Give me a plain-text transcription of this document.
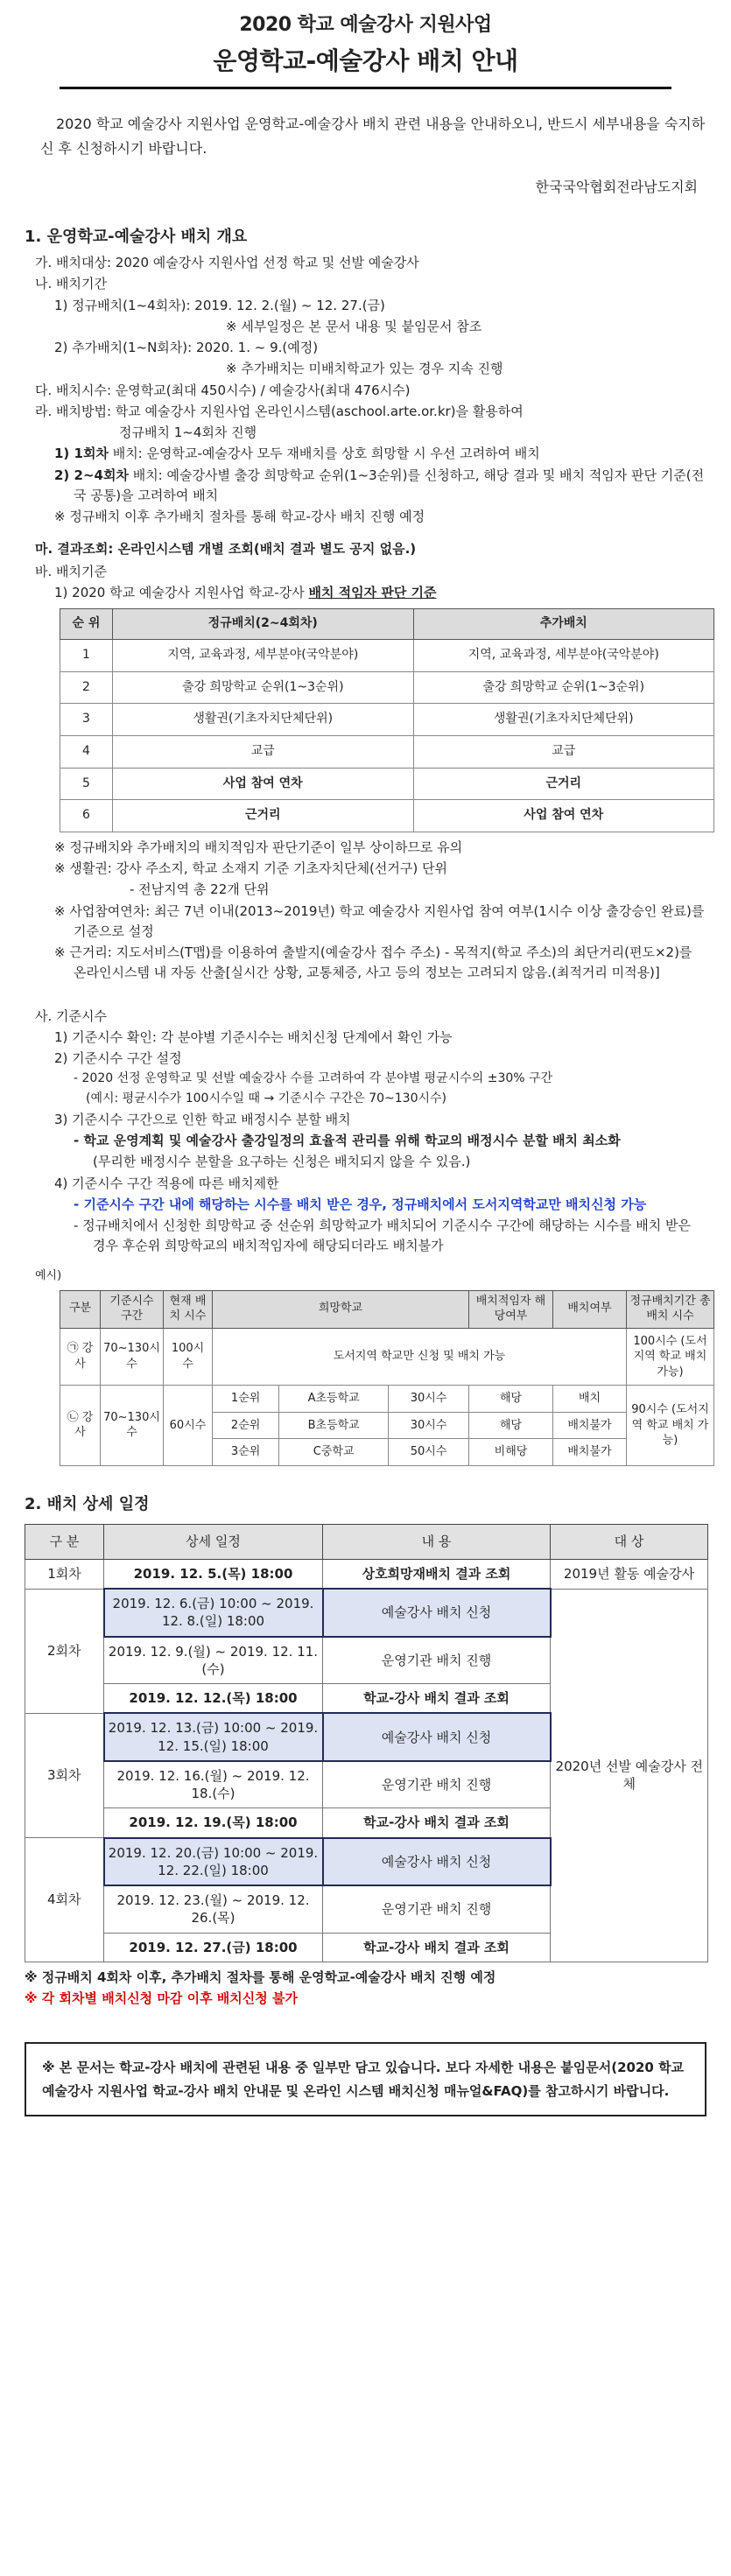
2020 학교 예술강사 지원사업
운영학교-예술강사 배치 안내

2020 학교 예술강사 지원사업 운영학교-예술강사 배치 관련 내용을 안내하오니, 반드시 세부내용을 숙지하신 후 신청하시기 바랍니다.

한국국악협회전라남도지회

1. 운영학교-예술강사 배치 개요
가. 배치대상: 2020 예술강사 지원사업 선정 학교 및 선발 예술강사
나. 배치기간
1) 정규배치(1~4회차): 2019. 12. 2.(월) ~ 12. 27.(금)
※ 세부일정은 본 문서 내용 및 붙임문서 참조
2) 추가배치(1~N회차): 2020. 1. ~ 9.(예정)
※ 추가배치는 미배치학교가 있는 경우 지속 진행
다. 배치시수: 운영학교(최대 450시수) / 예술강사(최대 476시수)
라. 배치방법: 학교 예술강사 지원사업 온라인시스템(aschool.arte.or.kr)을 활용하여
정규배치 1~4회차 진행
1) 1회차 배치: 운영학교-예술강사 모두 재배치를 상호 희망할 시 우선 고려하여 배치
2) 2~4회차 배치: 예술강사별 출강 희망학교 순위(1~3순위)를 신청하고, 해당 결과 및 배치 적임자 판단 기준(전국 공통)을 고려하여 배치
※ 정규배치 이후 추가배치 절차를 통해 학교-강사 배치 진행 예정
마. 결과조회: 온라인시스템 개별 조회(배치 결과 별도 공지 없음.)
바. 배치기준
1) 2020 학교 예술강사 지원사업 학교-강사 배치 적임자 판단 기준
순 위	정규배치(2~4회차)	추가배치
1	지역, 교육과정, 세부분야(국악분야)	지역, 교육과정, 세부분야(국악분야)
2	출강 희망학교 순위(1~3순위)	출강 희망학교 순위(1~3순위)
3	생활권(기초자치단체단위)	생활권(기초자치단체단위)
4	교급	교급
5	사업 참여 연차	근거리
6	근거리	사업 참여 연차
※ 정규배치와 추가배치의 배치적임자 판단기준이 일부 상이하므로 유의
※ 생활권: 강사 주소지, 학교 소재지 기준 기초자치단체(선거구) 단위
- 전남지역 총 22개 단위
※ 사업참여연차: 최근 7년 이내(2013~2019년) 학교 예술강사 지원사업 참여 여부(1시수 이상 출강승인 완료)를 기준으로 설정
※ 근거리: 지도서비스(T맵)를 이용하여 출발지(예술강사 접수 주소) - 목적지(학교 주소)의 최단거리(편도×2)를 온라인시스템 내 자동 산출[실시간 상황, 교통체증, 사고 등의 정보는 고려되지 않음.(최적거리 미적용)]
사. 기준시수
1) 기준시수 확인: 각 분야별 기준시수는 배치신청 단계에서 확인 가능
2) 기준시수 구간 설정
- 2020 선정 운영학교 및 선발 예술강사 수를 고려하여 각 분야별 평균시수의 ±30% 구간
(예시: 평균시수가 100시수일 때 → 기준시수 구간은 70~130시수)
3) 기준시수 구간으로 인한 학교 배정시수 분할 배치
- 학교 운영계획 및 예술강사 출강일정의 효율적 관리를 위해 학교의 배정시수 분할 배치 최소화
(무리한 배정시수 분할을 요구하는 신청은 배치되지 않을 수 있음.)
4) 기준시수 구간 적용에 따른 배치제한
- 기준시수 구간 내에 해당하는 시수를 배치 받은 경우, 정규배치에서 도서지역학교만 배치신청 가능
- 정규배치에서 신청한 희망학교 중 선순위 희망학교가 배치되어 기준시수 구간에 해당하는 시수를 배치 받은 경우 후순위 희망학교의 배치적임자에 해당되더라도 배치불가
예시)
구분	기준시수 구간	현재 배치 시수	희망학교			배치적임자 해당여부	배치여부	정규배치기간 총 배치 시수
㉠ 강사	70~130시수	100시수	도서지역 학교만 신청 및 배치 가능					100시수 (도서지역 학교 배치 가능)
㉡ 강사	70~130시수	60시수	1순위	A초등학교	30시수	해당	배치	90시수 (도서지역 학교 배치 가능)
			2순위	B초등학교	30시수	해당	배치불가	
			3순위	C중학교	50시수	비해당	배치불가	
2. 배치 상세 일정
구 분	상세 일정	내 용	대 상
1회차	2019. 12. 5.(목) 18:00	상호희망재배치 결과 조회	2019년 활동 예술강사
2회차	2019. 12. 6.(금) 10:00 ~ 2019. 12. 8.(일) 18:00	예술강사 배치 신청	2020년 선발 예술강사 전체
	2019. 12. 9.(월) ~ 2019. 12. 11.(수)	운영기관 배치 진행	
	2019. 12. 12.(목) 18:00	학교-강사 배치 결과 조회	
3회차	2019. 12. 13.(금) 10:00 ~ 2019. 12. 15.(일) 18:00	예술강사 배치 신청	
	2019. 12. 16.(월) ~ 2019. 12. 18.(수)	운영기관 배치 진행	
	2019. 12. 19.(목) 18:00	학교-강사 배치 결과 조회	
4회차	2019. 12. 20.(금) 10:00 ~ 2019. 12. 22.(일) 18:00	예술강사 배치 신청	
	2019. 12. 23.(월) ~ 2019. 12. 26.(목)	운영기관 배치 진행	
	2019. 12. 27.(금) 18:00	학교-강사 배치 결과 조회	
※ 정규배치 4회차 이후, 추가배치 절차를 통해 운영학교-예술강사 배치 진행 예정
※ 각 회차별 배치신청 마감 이후 배치신청 불가
※ 본 문서는 학교-강사 배치에 관련된 내용 중 일부만 담고 있습니다. 보다 자세한 내용은 붙임문서(2020 학교 예술강사 지원사업 학교-강사 배치 안내문 및 온라인 시스템 배치신청 매뉴얼&FAQ)를 참고하시기 바랍니다.
